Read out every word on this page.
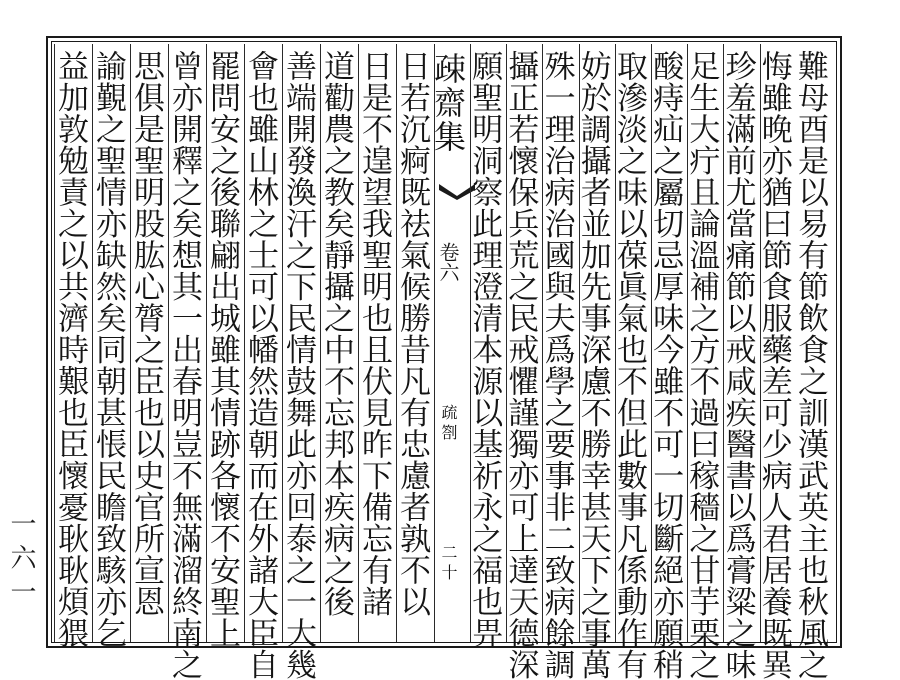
一六一
疎齋集
卷六
疏劄
二十	難母酉是以易有節飲食之訓漢武英主也秋風之
悔雖晚亦猶曰節食服藥差可少病人君居養既異
珍羞滿前尤當痛節以戒咸疾醫書以爲膏粱之味
足生大疔且論溫補之方不過曰稼穡之甘芋栗之
酸痔疝之屬切忌厚味今雖不可一切斷絕亦願稍
取滲淡之味以葆眞氣也不但此數事凡係動作有
妨於調攝者並加先事深慮不勝幸甚天下之事萬
殊一理治病治國與夫爲學之要事非二致病餘調
攝正若懷保兵荒之民戒懼謹獨亦可上達天德深
願聖明洞察此理澄清本源以基祈永之福也畀
日若沉痾既祛氣候勝昔凡有忠慮者孰不以
日是不遑望我聖明也且伏見昨下備忘有諸
道勸農之教矣靜攝之中不忘邦本疾病之後
善端開發渙汗之下民情鼓舞此亦回泰之一大幾
會也雖山林之士可以幡然造朝而在外諸大臣自
罷問安之後聯翩出城雖其情跡各懷不安聖上
曾亦開釋之矣想其一出春明豈不無滿溜終南之
思俱是聖明股肱心膂之臣也以史官所宣恩
諭覲之聖情亦缺然矣同朝甚悵民瞻致駭亦乞
益加敦勉責之以共濟時艱也臣懷憂耿耿煩猥
